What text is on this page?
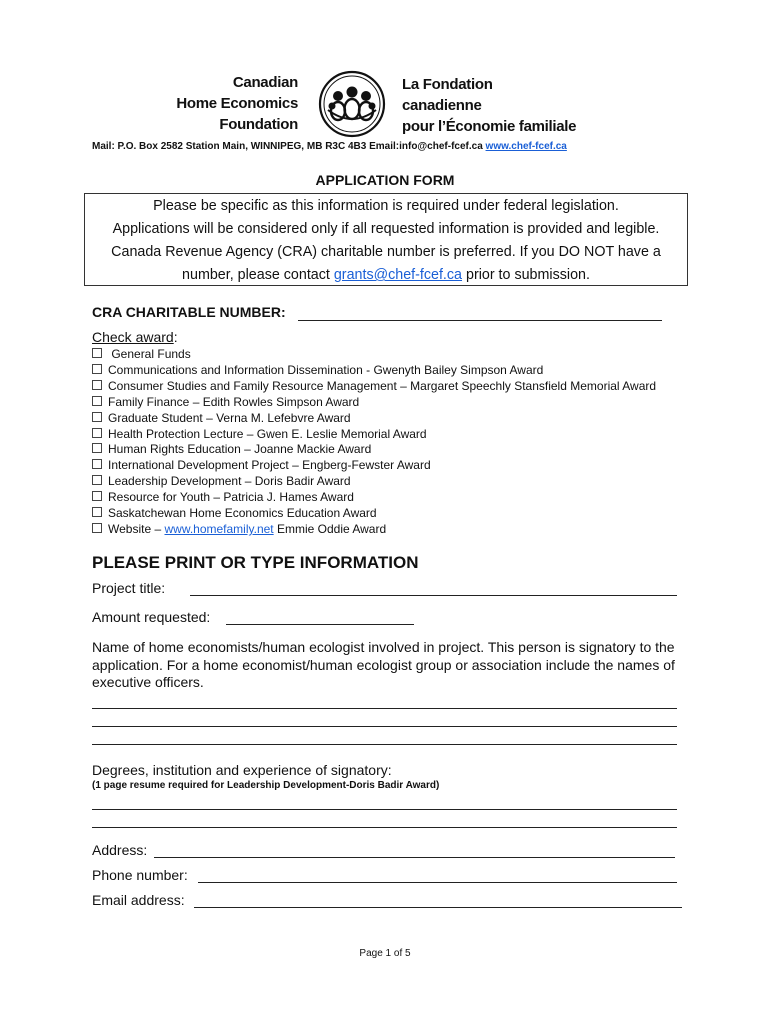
Canadian
Home Economics
Foundation
La Fondation
canadienne
pour l’Économie familiale
Mail: P.O. Box 2582 Station Main, WINNIPEG, MB R3C 4B3 Email:info@chef-fcef.ca www.chef-fcef.ca
APPLICATION FORM
Please be specific as this information is required under federal legislation.
Applications will be considered only if all requested information is provided and legible.
Canada Revenue Agency (CRA) charitable number is preferred. If you DO NOT have a
number, please contact grants@chef-fcef.ca prior to submission.
CRA CHARITABLE NUMBER:
Check award:
General Funds
Communications and Information Dissemination - Gwenyth Bailey Simpson Award
Consumer Studies and Family Resource Management – Margaret Speechly Stansfield Memorial Award
Family Finance – Edith Rowles Simpson Award
Graduate Student – Verna M. Lefebvre Award
Health Protection Lecture – Gwen E. Leslie Memorial Award
Human Rights Education – Joanne Mackie Award
International Development Project – Engberg-Fewster Award
Leadership Development – Doris Badir Award
Resource for Youth – Patricia J. Hames Award
Saskatchewan Home Economics Education Award
Website – www.homefamily.net Emmie Oddie Award
PLEASE PRINT OR TYPE INFORMATION
Project title:
Amount requested:
Name of home economists/human ecologist involved in project. This person is signatory to the application. For a home economist/human ecologist group or association include the names of executive officers.
Degrees, institution and experience of signatory:
(1 page resume required for Leadership Development-Doris Badir Award)
Address:
Phone number:
Email address:
Page 1 of 5
